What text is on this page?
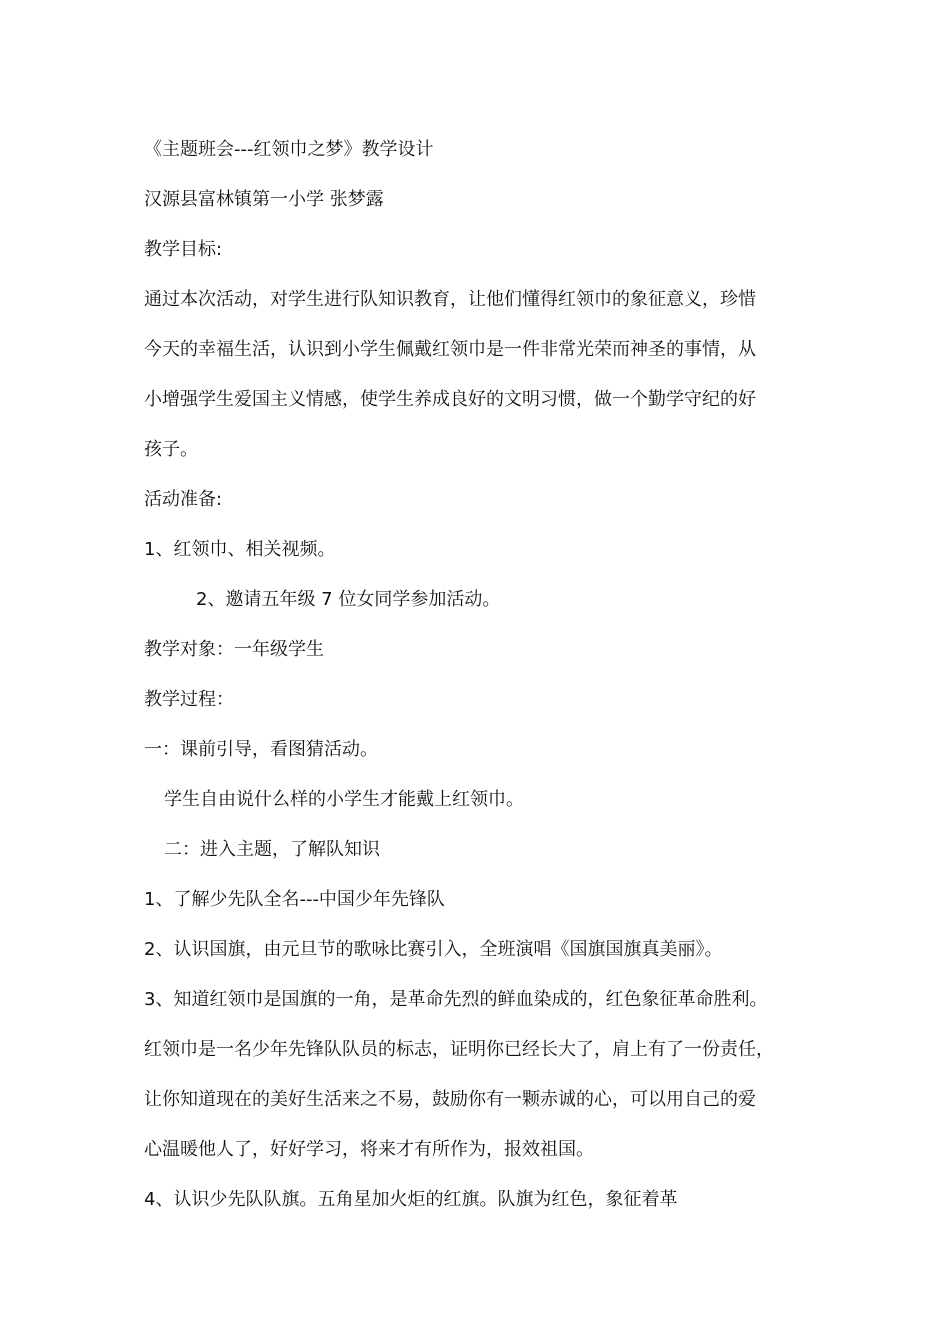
《主题班会---红领巾之梦》教学设计
汉源县富林镇第一小学 张梦露
教学目标:
通过本次活动，对学生进行队知识教育，让他们懂得红领巾的象征意义，珍惜
今天的幸福生活，认识到小学生佩戴红领巾是一件非常光荣而神圣的事情，从
小增强学生爱国主义情感，使学生养成良好的文明习惯，做一个勤学守纪的好
孩子。
活动准备:
1、红领巾、相关视频。
2、邀请五年级 7 位女同学参加活动。
教学对象：一年级学生
教学过程：
一：课前引导，看图猜活动。
学生自由说什么样的小学生才能戴上红领巾。
二：进入主题，了解队知识
1、了解少先队全名---中国少年先锋队
2、认识国旗，由元旦节的歌咏比赛引入，全班演唱《国旗国旗真美丽》。
3、知道红领巾是国旗的一角，是革命先烈的鲜血染成的，红色象征革命胜利。
红领巾是一名少年先锋队队员的标志，证明你已经长大了，肩上有了一份责任，
让你知道现在的美好生活来之不易，鼓励你有一颗赤诚的心，可以用自己的爱
心温暖他人了，好好学习，将来才有所作为，报效祖国。
4、认识少先队队旗。五角星加火炬的红旗。队旗为红色，象征着革
